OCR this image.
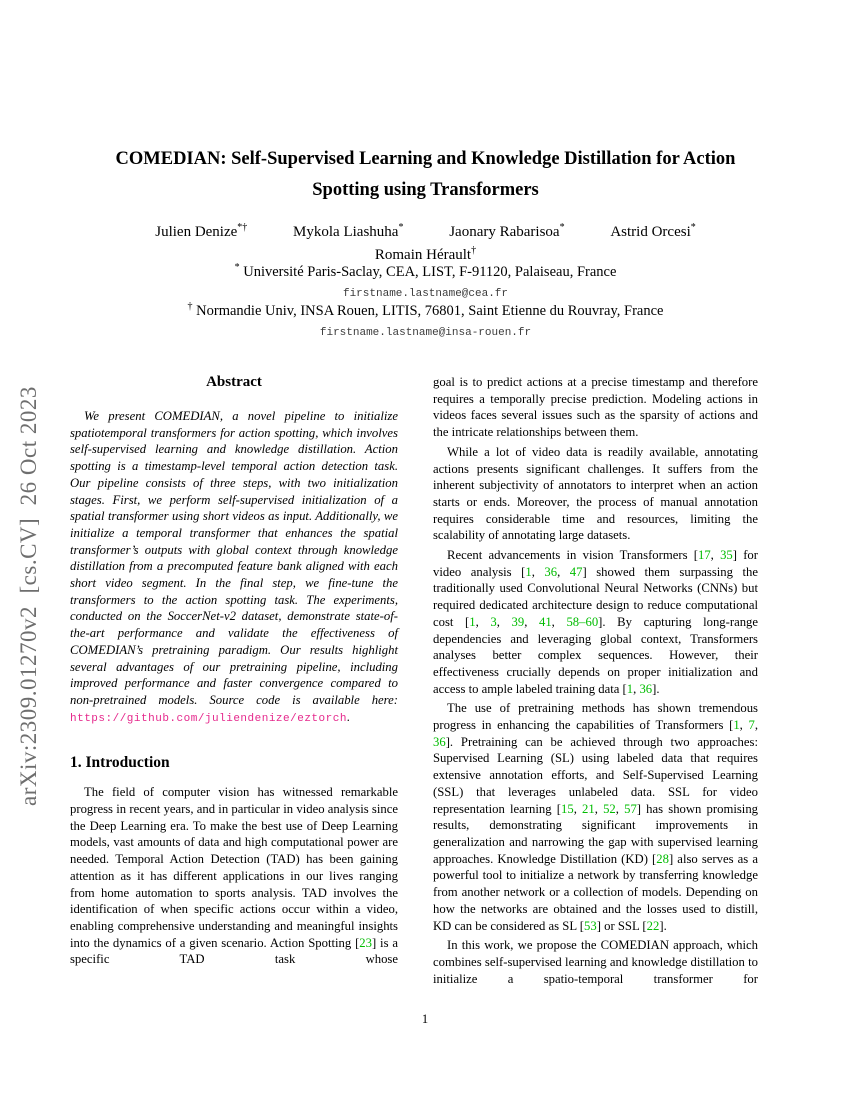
arXiv:2309.01270v2  [cs.CV]  26 Oct 2023
COMEDIAN: Self-Supervised Learning and Knowledge Distillation for Action
Spotting using Transformers
Julien Denize*†	Mykola Liashuha*	Jaonary Rabarisoa*	Astrid Orcesi*
Romain Hérault†
* Université Paris-Saclay, CEA, LIST, F-91120, Palaiseau, France
firstname.lastname@cea.fr
† Normandie Univ, INSA Rouen, LITIS, 76801, Saint Etienne du Rouvray, France
firstname.lastname@insa-rouen.fr
Abstract

We present COMEDIAN, a novel pipeline to initialize spatiotemporal transformers for action spotting, which involves self-supervised learning and knowledge distillation. Action spotting is a timestamp-level temporal action detection task. Our pipeline consists of three steps, with two initialization stages. First, we perform self-supervised initialization of a spatial transformer using short videos as input. Additionally, we initialize a temporal transformer that enhances the spatial transformer’s outputs with global context through knowledge distillation from a precomputed feature bank aligned with each short video segment. In the final step, we fine-tune the transformers to the action spotting task. The experiments, conducted on the SoccerNet-v2 dataset, demonstrate state-of-the-art performance and validate the effectiveness of COMEDIAN’s pretraining paradigm. Our results highlight several advantages of our pretraining pipeline, including improved performance and faster convergence compared to non-pretrained models. Source code is available here: https://github.com/juliendenize/eztorch.

1. Introduction

The field of computer vision has witnessed remarkable progress in recent years, and in particular in video analysis since the Deep Learning era. To make the best use of Deep Learning models, vast amounts of data and high computational power are needed. Temporal Action Detection (TAD) has been gaining attention as it has different applications in our lives ranging from home automation to sports analysis. TAD involves the identification of when specific actions occur within a video, enabling comprehensive understanding and meaningful insights into the dynamics of a given scenario. Action Spotting [23] is a specific TAD task whose

goal is to predict actions at a precise timestamp and therefore requires a temporally precise prediction. Modeling actions in videos faces several issues such as the sparsity of actions and the intricate relationships between them.

While a lot of video data is readily available, annotating actions presents significant challenges. It suffers from the inherent subjectivity of annotators to interpret when an action starts or ends. Moreover, the process of manual annotation requires considerable time and resources, limiting the scalability of annotating large datasets.

Recent advancements in vision Transformers [17, 35] for video analysis [1, 36, 47] showed them surpassing the traditionally used Convolutional Neural Networks (CNNs) but required dedicated architecture design to reduce computational cost [1, 3, 39, 41, 58–60]. By capturing long-range dependencies and leveraging global context, Transformers analyses better complex sequences. However, their effectiveness crucially depends on proper initialization and access to ample labeled training data [1, 36].

The use of pretraining methods has shown tremendous progress in enhancing the capabilities of Transformers [1, 7, 36]. Pretraining can be achieved through two approaches: Supervised Learning (SL) using labeled data that requires extensive annotation efforts, and Self-Supervised Learning (SSL) that leverages unlabeled data. SSL for video representation learning [15, 21, 52, 57] has shown promising results, demonstrating significant improvements in generalization and narrowing the gap with supervised learning approaches. Knowledge Distillation (KD) [28] also serves as a powerful tool to initialize a network by transferring knowledge from another network or a collection of models. Depending on how the networks are obtained and the losses used to distill, KD can be considered as SL [53] or SSL [22].

In this work, we propose the COMEDIAN approach, which combines self-supervised learning and knowledge distillation to initialize a spatio-temporal transformer for

1
